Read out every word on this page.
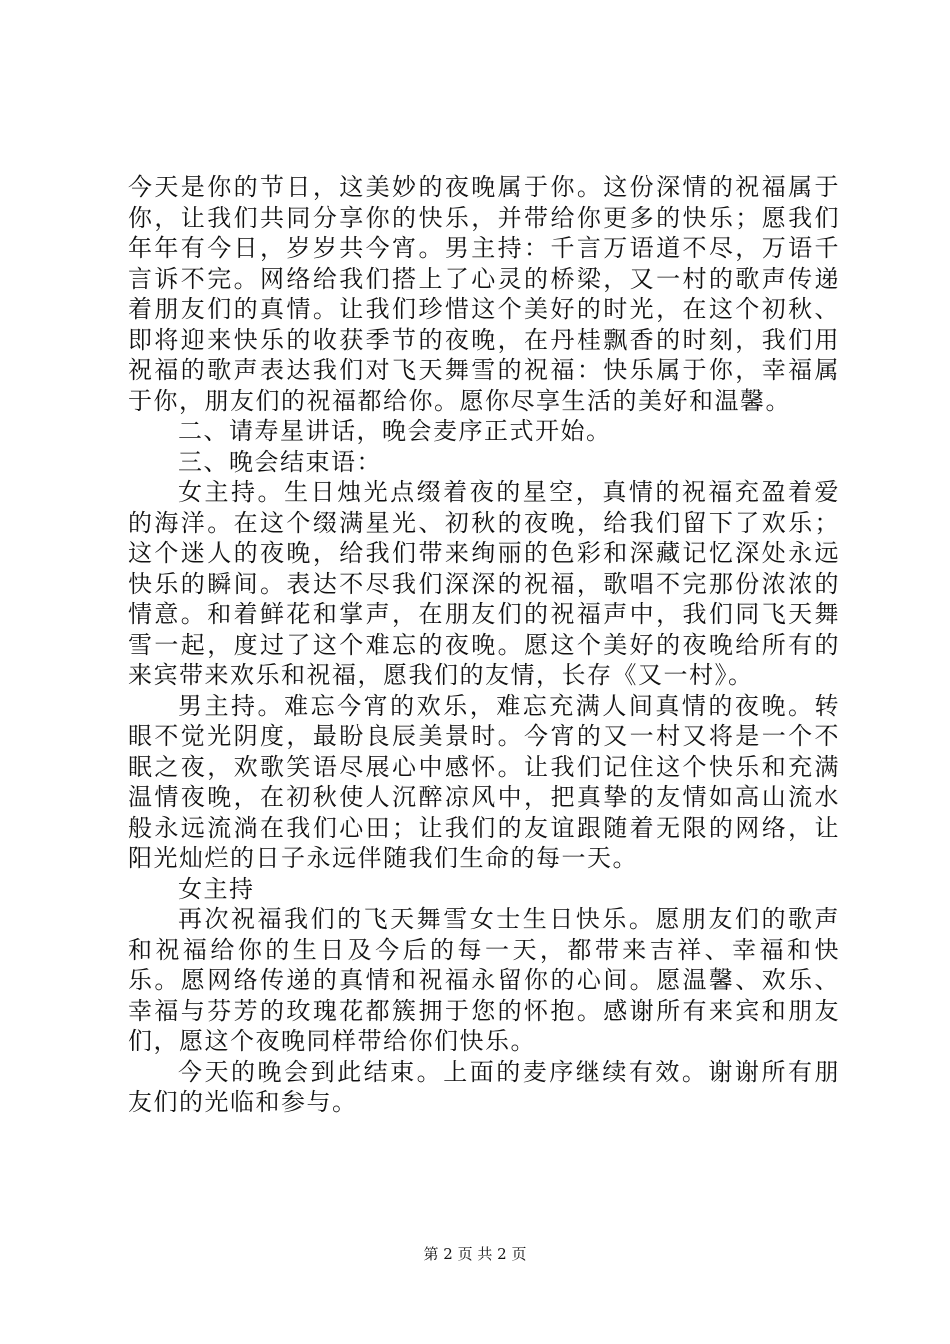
今天是你的节日，这美妙的夜晚属于你。这份深情的祝福属于你，让我们共同分享你的快乐，并带给你更多的快乐；愿我们年年有今日，岁岁共今宵。男主持：千言万语道不尽，万语千言诉不完。网络给我们搭上了心灵的桥梁，又一村的歌声传递着朋友们的真情。让我们珍惜这个美好的时光，在这个初秋、即将迎来快乐的收获季节的夜晚，在丹桂飘香的时刻，我们用祝福的歌声表达我们对飞天舞雪的祝福：快乐属于你，幸福属于你，朋友们的祝福都给你。愿你尽享生活的美好和温馨。

二、请寿星讲话，晚会麦序正式开始。

三、晚会结束语：

女主持。生日烛光点缀着夜的星空，真情的祝福充盈着爱的海洋。在这个缀满星光、初秋的夜晚，给我们留下了欢乐；这个迷人的夜晚，给我们带来绚丽的色彩和深藏记忆深处永远快乐的瞬间。表达不尽我们深深的祝福，歌唱不完那份浓浓的情意。和着鲜花和掌声，在朋友们的祝福声中，我们同飞天舞雪一起，度过了这个难忘的夜晚。愿这个美好的夜晚给所有的来宾带来欢乐和祝福，愿我们的友情，长存《又一村》。

男主持。难忘今宵的欢乐，难忘充满人间真情的夜晚。转眼不觉光阴度，最盼良辰美景时。今宵的又一村又将是一个不眠之夜，欢歌笑语尽展心中感怀。让我们记住这个快乐和充满温情夜晚，在初秋使人沉醉凉风中，把真挚的友情如高山流水般永远流淌在我们心田；让我们的友谊跟随着无限的网络，让阳光灿烂的日子永远伴随我们生命的每一天。

女主持

再次祝福我们的飞天舞雪女士生日快乐。愿朋友们的歌声和祝福给你的生日及今后的每一天，都带来吉祥、幸福和快乐。愿网络传递的真情和祝福永留你的心间。愿温馨、欢乐、幸福与芬芳的玫瑰花都簇拥于您的怀抱。感谢所有来宾和朋友们，愿这个夜晚同样带给你们快乐。

今天的晚会到此结束。上面的麦序继续有效。谢谢所有朋友们的光临和参与。

第 2 页 共 2 页
